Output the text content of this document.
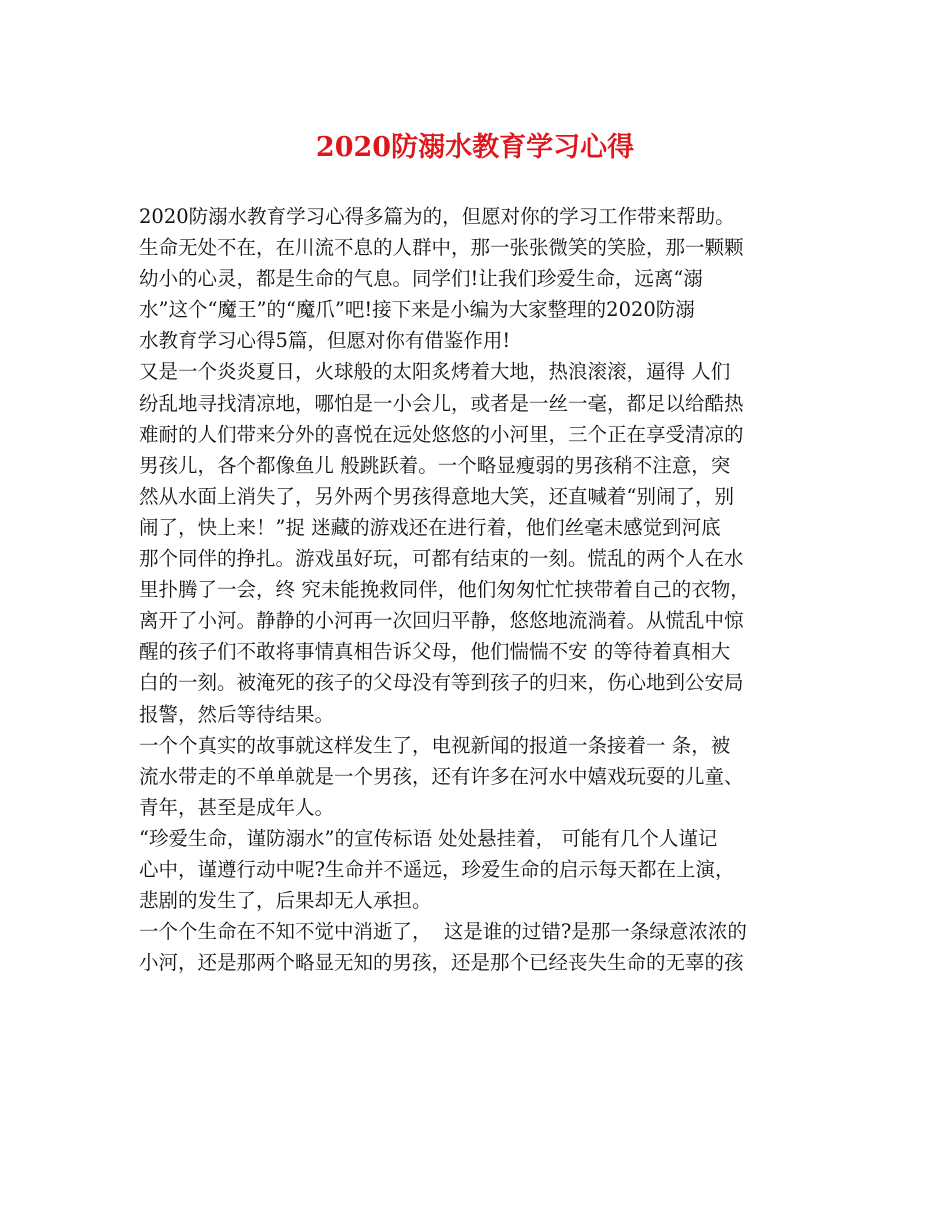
2020防溺水教育学习心得
2020防溺水教育学习心得多篇为的，但愿对你的学习工作带来帮助。
生命无处不在，在川流不息的人群中，那一张张微笑的笑脸，那一颗颗
幼小的心灵，都是生命的气息。同学们!让我们珍爱生命，远离“溺
水”这个“魔王”的“魔爪”吧!接下来是小编为大家整理的2020防溺
水教育学习心得5篇，但愿对你有借鉴作用!
又是一个炎炎夏日，火球般的太阳炙烤着大地，热浪滚滚，逼得 人们
纷乱地寻找清凉地，哪怕是一小会儿，或者是一丝一毫，都足以给酷热
难耐的人们带来分外的喜悦在远处悠悠的小河里，三个正在享受清凉的
男孩儿，各个都像鱼儿 般跳跃着。一个略显瘦弱的男孩稍不注意，突
然从水面上消失了，另外两个男孩得意地大笑，还直喊着“别闹了，别
闹了，快上来！”捉 迷藏的游戏还在进行着，他们丝毫未感觉到河底
那个同伴的挣扎。游戏虽好玩，可都有结束的一刻。慌乱的两个人在水
里扑腾了一会，终 究未能挽救同伴，他们匆匆忙忙挟带着自己的衣物，
离开了小河。静静的小河再一次回归平静，悠悠地流淌着。从慌乱中惊
醒的孩子们不敢将事情真相告诉父母，他们惴惴不安 的等待着真相大
白的一刻。被淹死的孩子的父母没有等到孩子的归来，伤心地到公安局
报警，然后等待结果。
一个个真实的故事就这样发生了，电视新闻的报道一条接着一 条，被
流水带走的不单单就是一个男孩，还有许多在河水中嬉戏玩耍的儿童、
青年，甚至是成年人。
“珍爱生命，谨防溺水”的宣传标语 处处悬挂着， 可能有几个人谨记
心中，谨遵行动中呢?生命并不遥远，珍爱生命的启示每天都在上演，
悲剧的发生了，后果却无人承担。
一个个生命在不知不觉中消逝了，  这是谁的过错?是那一条绿意浓浓的
小河，还是那两个略显无知的男孩，还是那个已经丧失生命的无辜的孩
